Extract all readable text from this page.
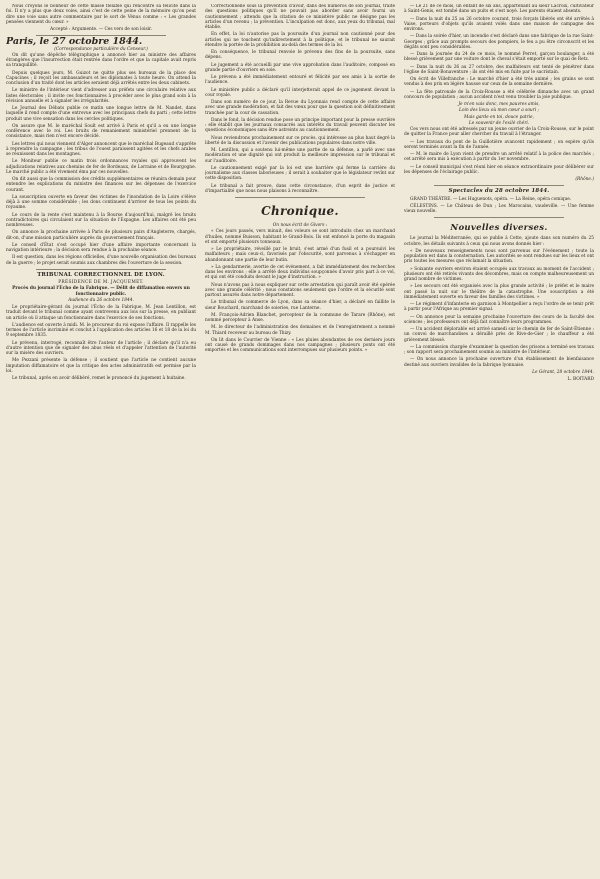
Nous croyons le bonheur de cette masse flexible qui rencontre sa félicité dans la foi. Il n'y a plus que deux voies, ainsi c'est de cette peine de la mémoire qu'on peut dire une voie sans autre commentaire par le sort de Vénus comme : « Les grandes pensées viennent du cœur. »

Accepté : Argumente. — Ces vers de son loisir.

Paris, le 27 octobre 1844.

(Correspondance particulière du Censeur.)

On dit qu'une dépêche télégraphique a annoncé hier au ministre des affaires étrangères que l'insurrection était rentrée dans l'ordre et que la capitale avait repris sa tranquillité.

Depuis quelques jours, M. Guizot ne quitte plus ses bureaux de la place des Capucines ; il reçoit les ambassadeurs et les diplomates à toute heure. On attend la conclusion d'un traité dont les articles seraient déjà arrêtés entre les deux cabinets.

Le ministre de l'intérieur vient d'adresser aux préfets une circulaire relative aux listes électorales ; il invite ces fonctionnaires à procéder avec le plus grand soin à la révision annuelle et à signaler les irrégularités.

Le Journal des Débats publie ce matin une longue lettre de M. Nandet, dans laquelle il rend compte d'une entrevue avec les principaux chefs du parti ; cette lettre produit une vive sensation dans les cercles politiques.

On assure que M. le maréchal Soult est arrivé à Paris et qu'il a eu une longue conférence avec le roi. Les bruits de remaniement ministériel prennent de la consistance, mais rien n'est encore décidé.

Les lettres qui nous viennent d'Alger annoncent que le maréchal Bugeaud s'apprête à reprendre la campagne ; les tribus de l'ouest paraissent agitées et les chefs arabes se réunissent dans les montagnes.

Le Moniteur publie ce matin trois ordonnances royales qui approuvent les adjudications relatives aux chemins de fer de Bordeaux, de Lorraine et de Bourgogne. Le marché public a été vivement ému par ces nouvelles.

On dit aussi que la commission des crédits supplémentaires se réunira demain pour entendre les explications du ministre des finances sur les dépenses de l'exercice courant.

La souscription ouverte en faveur des victimes de l'inondation de la Loire s'élève déjà à une somme considérable ; les dons continuent d'arriver de tous les points du royaume.

Le cours de la rente s'est maintenu à la Bourse d'aujourd'hui, malgré les bruits contradictoires qui circulaient sur la situation de l'Espagne. Les affaires ont été peu nombreuses.

On annonce la prochaine arrivée à Paris de plusieurs pairs d'Angleterre, chargés, dit-on, d'une mission particulière auprès du gouvernement français.

Le conseil d'État s'est occupé hier d'une affaire importante concernant la navigation intérieure ; la décision sera rendue à la prochaine séance.

Il est question, dans les régions officielles, d'une nouvelle organisation des bureaux de la guerre ; le projet serait soumis aux chambres dès l'ouverture de la session.

TRIBUNAL CORRECTIONNEL DE LYON.

PRÉSIDENCE DE M. JACQUEMET.

Procès du journal l'Écho de la Fabrique. — Délit de diffamation envers un fonctionnaire public.

Audience du 26 octobre 1844.

Le propriétaire-gérant du journal l'Écho de la Fabrique, M. Jean Lentillon, est traduit devant le tribunal comme ayant contrevenu aux lois sur la presse, en publiant un article où il attaque un fonctionnaire dans l'exercice de ses fonctions.

L'audience est ouverte à midi. M. le procureur du roi expose l'affaire. Il rappelle les termes de l'article incriminé et conclut à l'application des articles 16 et 18 de la loi du 9 septembre 1835.

Le prévenu, interrogé, reconnaît être l'auteur de l'article ; il déclare qu'il n'a eu d'autre intention que de signaler des abus réels et d'appeler l'attention de l'autorité sur la misère des ouvriers.

Me Pezzani présente la défense ; il soutient que l'article ne contient aucune imputation diffamatoire et que la critique des actes administratifs est permise par la loi.

Le tribunal, après en avoir délibéré, remet le prononcé du jugement à huitaine.

Correctionnelle sous la prévention d'avoir, dans des numéros de son journal, traité des questions politiques qu'il ne pouvait pas aborder sans avoir fourni un cautionnement ; attendu que la citation de ce ministère public ne désigne pas les articles d'un revenu ; la prévention. L'inculpation est donc, aux yeux du tribunal, mal établie.

En effet, la loi n'autorise pas la poursuite d'un journal non cautionné pour des articles qui ne touchent qu'indirectement à la politique, et le tribunal ne saurait étendre la portée de la prohibition au-delà des termes de la loi.

En conséquence, le tribunal renvoie le prévenu des fins de la poursuite, sans dépens.

Le jugement a été accueilli par une vive approbation dans l'auditoire, composé en grande partie d'ouvriers en soie.

Le prévenu a été immédiatement entouré et félicité par ses amis à la sortie de l'audience.

Le ministère public a déclaré qu'il interjetterait appel de ce jugement devant la cour royale.

Dans son numéro de ce jour, la Revue du Lyonnais rend compte de cette affaire avec une grande modération, et fait des vœux pour que la question soit définitivement tranchée par la cour de cassation.

Dans le fond, la décision rendue pose un principe important pour la presse ouvrière : elle établit que les journaux consacrés aux intérêts du travail peuvent discuter les questions économiques sans être astreints au cautionnement.

Nous reviendrons prochainement sur ce procès, qui intéresse au plus haut degré la liberté de la discussion et l'avenir des publications populaires dans notre ville.

M. Lentillon, qui a soutenu lui-même une partie de sa défense, a parlé avec une modération et une dignité qui ont produit la meilleure impression sur le tribunal et sur l'auditoire.

Le cautionnement exigé par la loi est une barrière qui ferme la carrière du journalisme aux classes laborieuses ; il serait à souhaiter que le législateur revînt sur cette disposition.

Le tribunal a fait preuve, dans cette circonstance, d'un esprit de justice et d'impartialité que nous nous plaisons à reconnaître.

Chronique.

On nous écrit de Givors :

« Ces jours passés, vers minuit, des voleurs se sont introduits chez un marchand d'huiles, nommé Buisson, habitant le Grand-Bois. Ils ont enfoncé la porte du magasin et ont emporté plusieurs tonneaux.

» Le propriétaire, réveillé par le bruit, s'est armé d'un fusil et a poursuivi les malfaiteurs ; mais ceux-ci, favorisés par l'obscurité, sont parvenus à s'échapper en abandonnant une partie de leur butin.

» La gendarmerie, avertie de cet événement, a fait immédiatement des recherches dans les environs ; elle a arrêté deux individus soupçonnés d'avoir pris part à ce vol, et qui ont été conduits devant le juge d'instruction. »

Nous n'avons pas à nous expliquer sur cette arrestation qui paraît avoir été opérée avec une grande célérité ; nous constatons seulement que l'ordre et la sécurité sont partout assurés dans notre département.

Le tribunal de commerce de Lyon, dans sa séance d'hier, a déclaré en faillite le sieur Bouchard, marchand de soieries, rue Lanterne.

M. François-Adrien Blanchet, percepteur de la commune de Tarare (Rhône), est nommé percepteur à Anse.

M. le directeur de l'administration des domaines et de l'enregistrement a nommé M. Thiard receveur au bureau de Thizy.

On lit dans le Courrier de Vienne : « Les pluies abondantes de ces derniers jours ont causé de grands dommages dans nos campagnes ; plusieurs ponts ont été emportés et les communications sont interrompues sur plusieurs points. »

— Le 21 de ce mois, un enfant de six ans, appartenant au sieur Lacroix, cultivateur à Saint-Genis, est tombé dans un puits et s'est noyé. Les parents étaient absents.

— Dans la nuit du 25 au 26 octobre courant, trois forçats libérés ont été arrêtés à Vaise, porteurs d'objets qu'ils avaient volés dans une maison de campagne des environs.

— Dans la soirée d'hier, un incendie s'est déclaré dans une fabrique de la rue Saint-Georges ; grâce aux prompts secours des pompiers, le feu a pu être circonscrit et les dégâts sont peu considérables.

— Dans la journée du 24 de ce mois, le nommé Perret, garçon boulanger, a été blessé grièvement par une voiture dont le cheval s'était emporté sur le quai de Retz.

— Dans la nuit du 26 au 27 octobre, des malfaiteurs ont tenté de pénétrer dans l'église de Saint-Bonaventure ; ils ont été mis en fuite par le sacristain.

On écrit de Villefranche : Le marché d'hier a été très animé ; les grains se sont vendus à des prix en légère hausse sur ceux de la semaine dernière.

— La fête patronale de la Croix-Rousse a été célébrée dimanche avec un grand concours de population ; aucun accident n'est venu troubler la joie publique.

Je m'en vais donc, mes pauvres amis,

Loin des lieux où mon cœur a souri ;

Mais garde en toi, douce patrie,

Le souvenir de l'exilé chéri.

Ces vers nous ont été adressés par un jeune ouvrier de la Croix-Rousse, sur le point de quitter la France pour aller chercher du travail à l'étranger.

— Les travaux du pont de la Guillotière avancent rapidement ; on espère qu'ils seront terminés avant la fin de l'année.

— M. le maire de Lyon vient de prendre un arrêté relatif à la police des marchés ; cet arrêté sera mis à exécution à partir du 1er novembre.

— Le conseil municipal s'est réuni hier en séance extraordinaire pour délibérer sur les dépenses de l'éclairage public.

(Rhône.)

Spectacles du 28 octobre 1844.

GRAND THÉÂTRE. — Les Huguenots, opéra. — La Reine, opéra comique.

CÉLESTINS. — Le Château de Dun ; Les Marocains, vaudeville. — Une femme vieux nouvelle.

Nouvelles diverses.

Le journal la Méditerranée, qui se publie à Cette, ajoute dans son numéro du 25 octobre, les détails suivants à ceux qui nous avons donnés hier :

« De nouveaux renseignements nous sont parvenus sur l'événement ; toute la population est dans la consternation. Les autorités se sont rendues sur les lieux et ont pris toutes les mesures que réclamait la situation.

» Soixante ouvriers environ étaient occupés aux travaux au moment de l'accident ; plusieurs ont été retirés vivants des décombres, mais on compte malheureusement un grand nombre de victimes.

» Les secours ont été organisés avec la plus grande activité ; le préfet et le maire ont passé la nuit sur le théâtre de la catastrophe. Une souscription a été immédiatement ouverte en faveur des familles des victimes. »

— Le régiment d'infanterie en garnison à Montpellier a reçu l'ordre de se tenir prêt à partir pour l'Afrique au premier signal.

— On annonce pour la semaine prochaine l'ouverture des cours de la faculté des sciences ; les professeurs ont déjà fait connaître leurs programmes.

— Un accident déplorable est arrivé samedi sur le chemin de fer de Saint-Étienne : un convoi de marchandises a déraillé près de Rive-de-Gier ; le chauffeur a été grièvement blessé.

— La commission chargée d'examiner la question des prisons a terminé ses travaux ; son rapport sera prochainement soumis au ministre de l'intérieur.

— On nous annonce la prochaine ouverture d'un établissement de bienfaisance destiné aux ouvriers invalides de la fabrique lyonnaise.

Le Gérant, 28 octobre 1844.

L. BOITARD
